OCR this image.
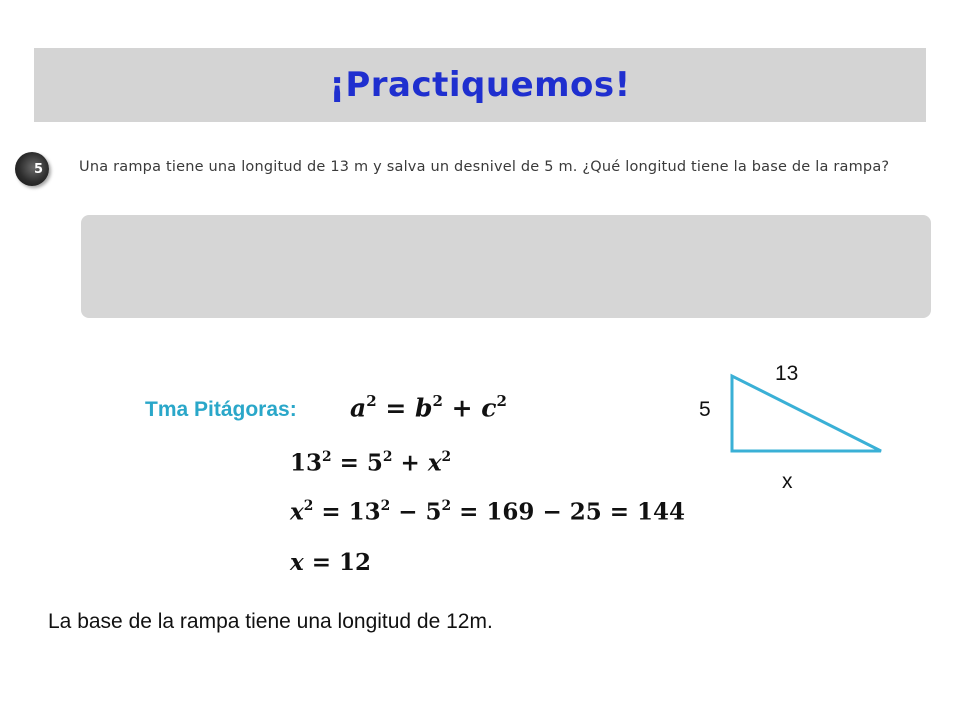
¡Practiquemos!
5 Una rampa tiene una longitud de 13 m y salva un desnivel de 5 m. ¿Qué longitud tiene la base de la rampa?

Tma Pitágoras: $a^2 = b^2 + c^2$
$13^2 = 5^2 + x^2$
$x^2 = 13^2 - 5^2 = 169 - 25 = 144$
x = 12
13
5
x

La base de la rampa tiene una longitud de 12m.
